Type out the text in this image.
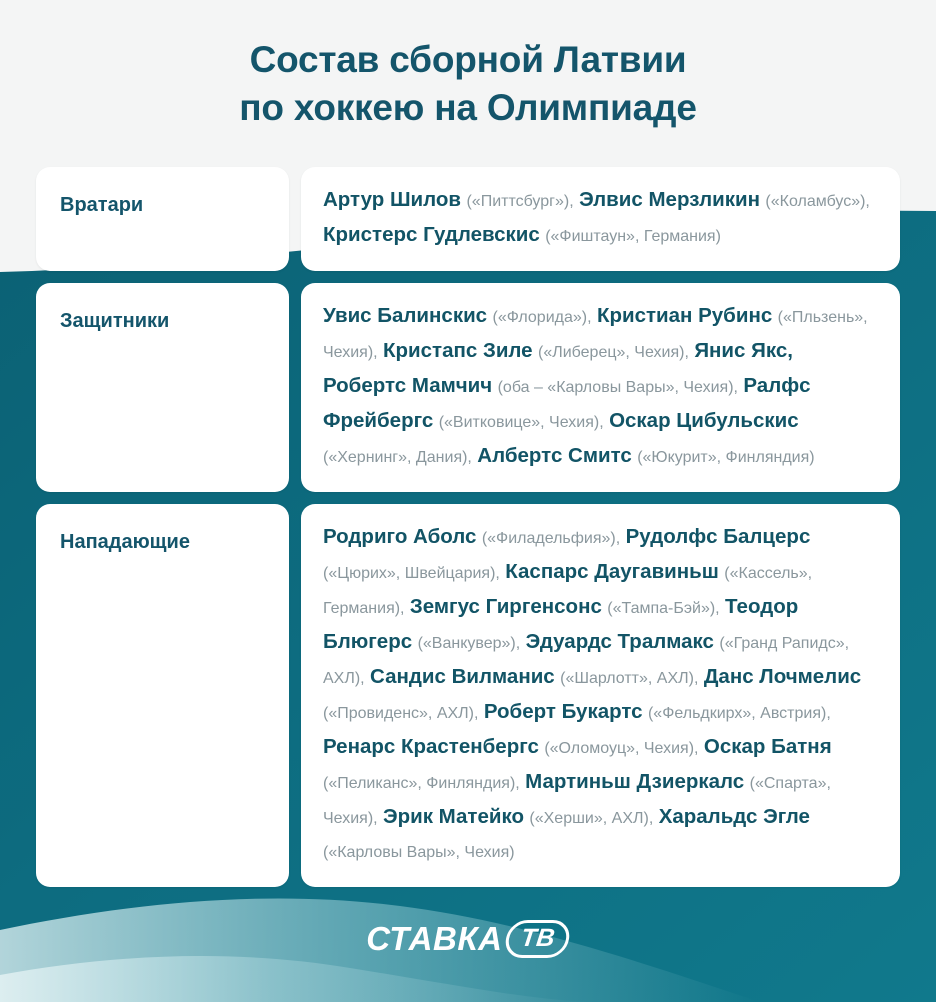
Состав сборной Латвии
по хоккею на Олимпиаде
Вратари	Артур Шилов («Питтсбург»), Элвис Мерзликин («Коламбус»), Кристерс Гудлевскис («Фиштаун», Германия)
Защитники	Увис Балинскис («Флорида»), Кристиан Рубинс («Пльзень», Чехия), Кристапс Зиле («Либерец», Чехия), Янис Якс, Робертс Мамчич (оба – «Карловы Вары», Чехия), Ралфс Фрейбергс («Витковице», Чехия), Оскар Цибульскис («Хернинг», Дания), Албертс Смитс («Юкурит», Финляндия)
Нападающие	Родриго Аболс («Филадельфия»), Рудолфс Балцерс («Цюрих», Швейцария), Каспарс Даугавиньш («Кассель», Германия), Земгус Гиргенсонс («Тампа-Бэй»), Теодор Блюгерс («Ванкувер»), Эдуардс Тралмакс («Гранд Рапидс», АХЛ), Сандис Вилманис («Шарлотт», АХЛ), Данс Лочмелис («Провиденс», АХЛ), Роберт Букартс («Фельдкирх», Австрия), Ренарс Крастенбергс («Оломоуц», Чехия), Оскар Батня («Пеликанс», Финляндия), Мартиньш Дзиеркалс («Спарта», Чехия), Эрик Матейко («Херши», АХЛ), Харальдс Эгле («Карловы Вары», Чехия)
СТАВКА ТВ
